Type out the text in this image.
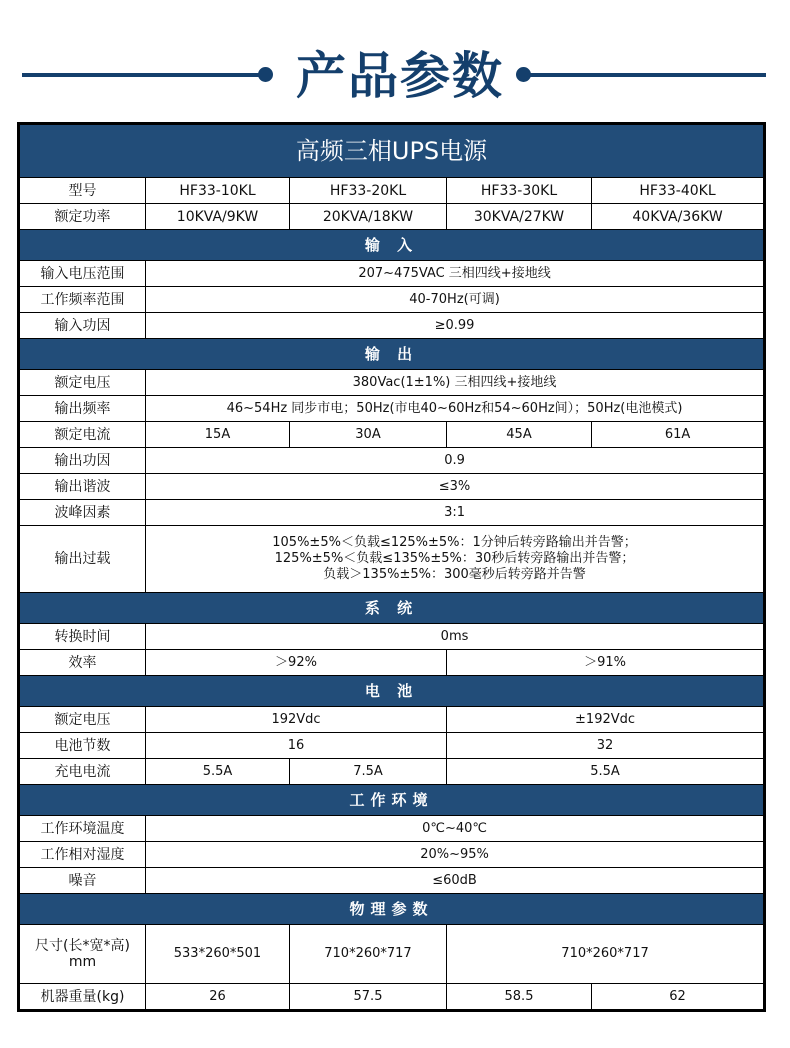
产品参数
高频三相UPS电源				
型号	HF33-10KL	HF33-20KL	HF33-30KL	HF33-40KL
额定功率	10KVA/9KW	20KVA/18KW	30KVA/27KW	40KVA/36KW
输 入				
输入电压范围	207~475VAC 三相四线+接地线			
工作频率范围	40-70Hz(可调)			
输入功因	≥0.99			
输 出				
额定电压	380Vac(1±1%) 三相四线+接地线			
输出频率	46~54Hz 同步市电；50Hz(市电40~60Hz和54~60Hz间）；50Hz(电池模式)			
额定电流	15A	30A	45A	61A
输出功因	0.9			
输出谐波	≤3%			
波峰因素	3:1			
输出过载	105%±5%＜负载≤125%±5%：1分钟后转旁路输出并告警；
125%±5%＜负载≤135%±5%：30秒后转旁路输出并告警；
负载＞135%±5%：300毫秒后转旁路并告警			

系 统				
转换时间	0ms			
效率	＞92%		＞91%	
电 池				
额定电压	192Vdc		±192Vdc	
电池节数	16		32	
充电电流	5.5A	7.5A	5.5A	
工作环境				
工作环境温度	0℃~40℃			
工作相对湿度	20%~95%			
噪音	≤60dB			
物理参数				
尺寸(长*宽*高) mm	533*260*501	710*260*717	710*260*717	
机器重量(kg)	26	57.5	58.5	62
